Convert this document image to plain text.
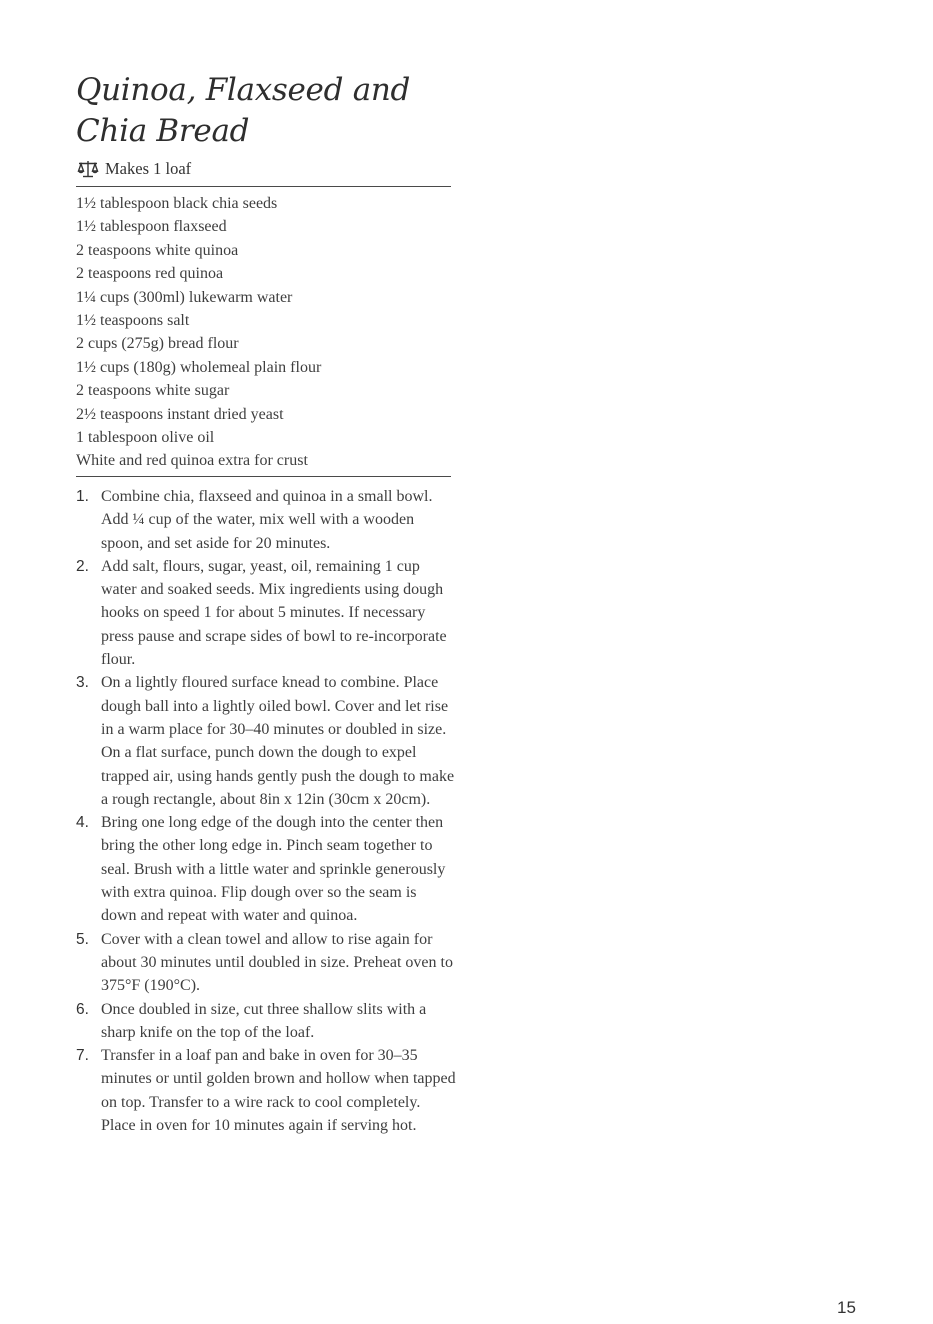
Quinoa, Flaxseed and
Chia Bread
Makes 1 loaf
1½ tablespoon black chia seeds
1½ tablespoon flaxseed
2 teaspoons white quinoa
2 teaspoons red quinoa
1¼ cups (300ml) lukewarm water
1½ teaspoons salt
2 cups (275g) bread flour
1½ cups (180g) wholemeal plain flour
2 teaspoons white sugar
2½ teaspoons instant dried yeast
1 tablespoon olive oil
White and red quinoa extra for crust
1. Combine chia, flaxseed and quinoa in a small bowl. Add ¼ cup of the water, mix well with a wooden spoon, and set aside for 20 minutes.
2. Add salt, flours, sugar, yeast, oil, remaining 1 cup water and soaked seeds. Mix ingredients using dough hooks on speed 1 for about 5 minutes. If necessary press pause and scrape sides of bowl to re-incorporate flour.
3. On a lightly floured surface knead to combine. Place dough ball into a lightly oiled bowl. Cover and let rise in a warm place for 30–40 minutes or doubled in size. On a flat surface, punch down the dough to expel trapped air, using hands gently push the dough to make a rough rectangle, about 8in x 12in (30cm x 20cm).
4. Bring one long edge of the dough into the center then bring the other long edge in. Pinch seam together to seal. Brush with a little water and sprinkle generously with extra quinoa. Flip dough over so the seam is down and repeat with water and quinoa.
5. Cover with a clean towel and allow to rise again for about 30 minutes until doubled in size. Preheat oven to 375°F (190°C).
6. Once doubled in size, cut three shallow slits with a sharp knife on the top of the loaf.
7. Transfer in a loaf pan and bake in oven for 30–35 minutes or until golden brown and hollow when tapped on top. Transfer to a wire rack to cool completely. Place in oven for 10 minutes again if serving hot.
15
